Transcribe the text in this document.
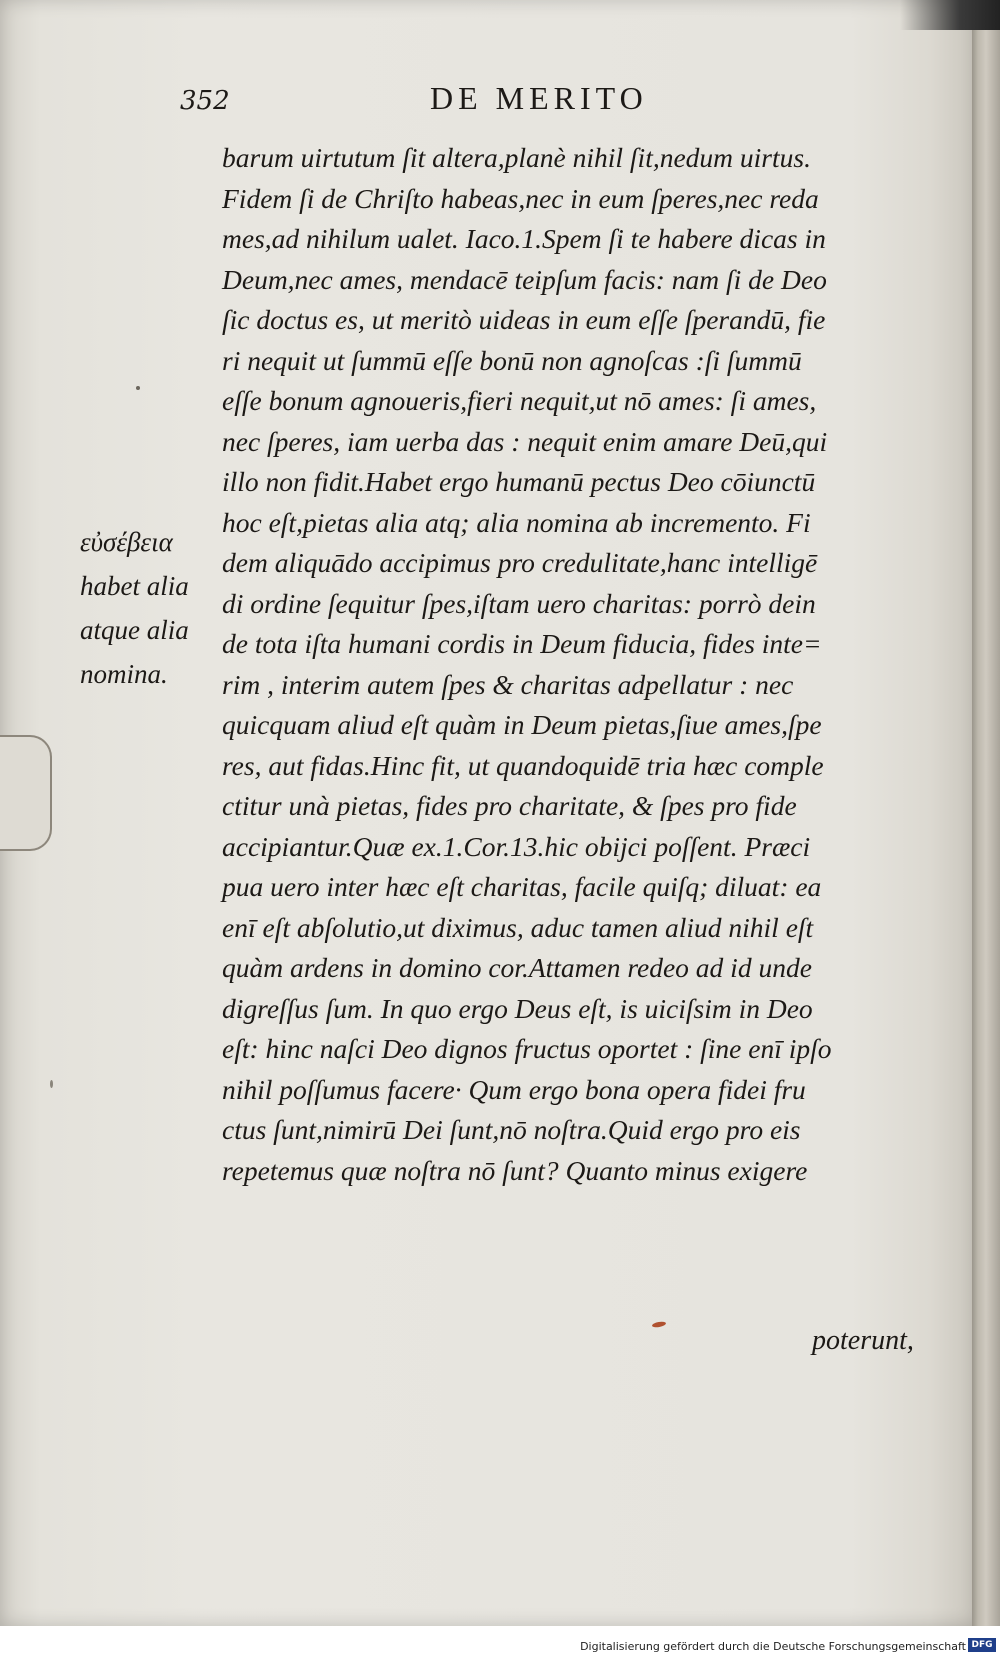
352	DE MERITO
εὐσέβεια
habet alia
atque alia
nomina.
barum uirtutum ſit altera,planè nihil ſit,nedum uirtus.
Fidem ſi de Chriſto habeas,nec in eum ſperes,nec reda
mes,ad nihilum ualet. Iaco.1.Spem ſi te habere dicas in
Deum,nec ames, mendacē teipſum facis: nam ſi de Deo
ſic doctus es, ut meritò uideas in eum eſſe ſperandū, fie
ri nequit ut ſummū eſſe bonū non agnoſcas :ſi ſummū
eſſe bonum agnoueris,fieri nequit,ut nō ames: ſi ames,
nec ſperes, iam uerba das : nequit enim amare Deū,qui
illo non fidit.Habet ergo humanū pectus Deo cōiunctū
hoc eſt,pietas alia atq; alia nomina ab incremento. Fi
dem aliquādo accipimus pro credulitate,hanc intelligē
di ordine ſequitur ſpes,iſtam uero charitas: porrò dein
de tota iſta humani cordis in Deum fiducia, fides inte=
rim , interim autem ſpes & charitas adpellatur : nec
quicquam aliud eſt quàm in Deum pietas,ſiue ames,ſpe
res, aut fidas.Hinc fit, ut quandoquidē tria hæc comple
ctitur unà pietas, fides pro charitate, & ſpes pro fide
accipiantur.Quæ ex.1.Cor.13.hic obijci poſſent. Præci
pua uero inter hæc eſt charitas, facile quiſq; diluat: ea
enī eſt abſolutio,ut diximus, aduc tamen aliud nihil eſt
quàm ardens in domino cor.Attamen redeo ad id unde
digreſſus ſum. In quo ergo Deus eſt, is uiciſsim in Deo
eſt: hinc naſci Deo dignos fructus oportet : ſine enī ipſo
nihil poſſumus facere· Qum ergo bona opera fidei fru
ctus ſunt,nimirū Dei ſunt,nō noſtra.Quid ergo pro eis
repetemus quæ noſtra nō ſunt? Quanto minus exigere
poterunt,
Digitalisierung gefördert durch die Deutsche Forschungsgemeinschaft DFG
